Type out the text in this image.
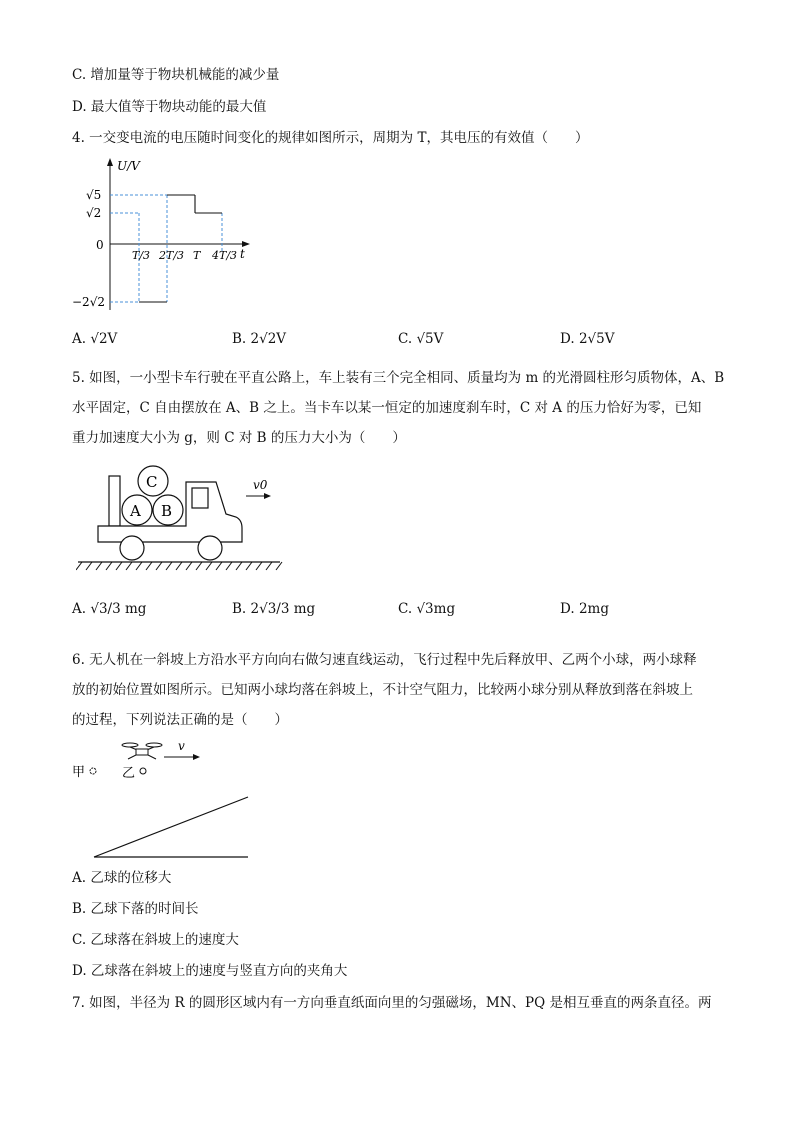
C. 增加量等于物块机械能的减少量
D. 最大值等于物块动能的最大值
4. 一交变电流的电压随时间变化的规律如图所示，周期为 T，其电压的有效值（　　）
U/V
t
0
√5
√2
−2√2
T/3 2T/3 T 4T/3
A. √2V	B. 2√2V	C. √5V	D. 2√5V
5. 如图，一小型卡车行驶在平直公路上，车上装有三个完全相同、质量均为 m 的光滑圆柱形匀质物体，A、B
水平固定，C 自由摆放在 A、B 之上。当卡车以某一恒定的加速度刹车时，C 对 A 的压力恰好为零，已知
重力加速度大小为 g，则 C 对 B 的压力大小为（　　）
C
A B
v0
A. √3/3 mg	B. 2√3/3 mg	C. √3mg	D. 2mg
6. 无人机在一斜坡上方沿水平方向向右做匀速直线运动，飞行过程中先后释放甲、乙两个小球，两小球释
放的初始位置如图所示。已知两小球均落在斜坡上，不计空气阻力，比较两小球分别从释放到落在斜坡上
的过程，下列说法正确的是（　　）
v
甲	乙
A. 乙球的位移大
B. 乙球下落的时间长
C. 乙球落在斜坡上的速度大
D. 乙球落在斜坡上的速度与竖直方向的夹角大
7. 如图，半径为 R 的圆形区域内有一方向垂直纸面向里的匀强磁场，MN、PQ 是相互垂直的两条直径。两
